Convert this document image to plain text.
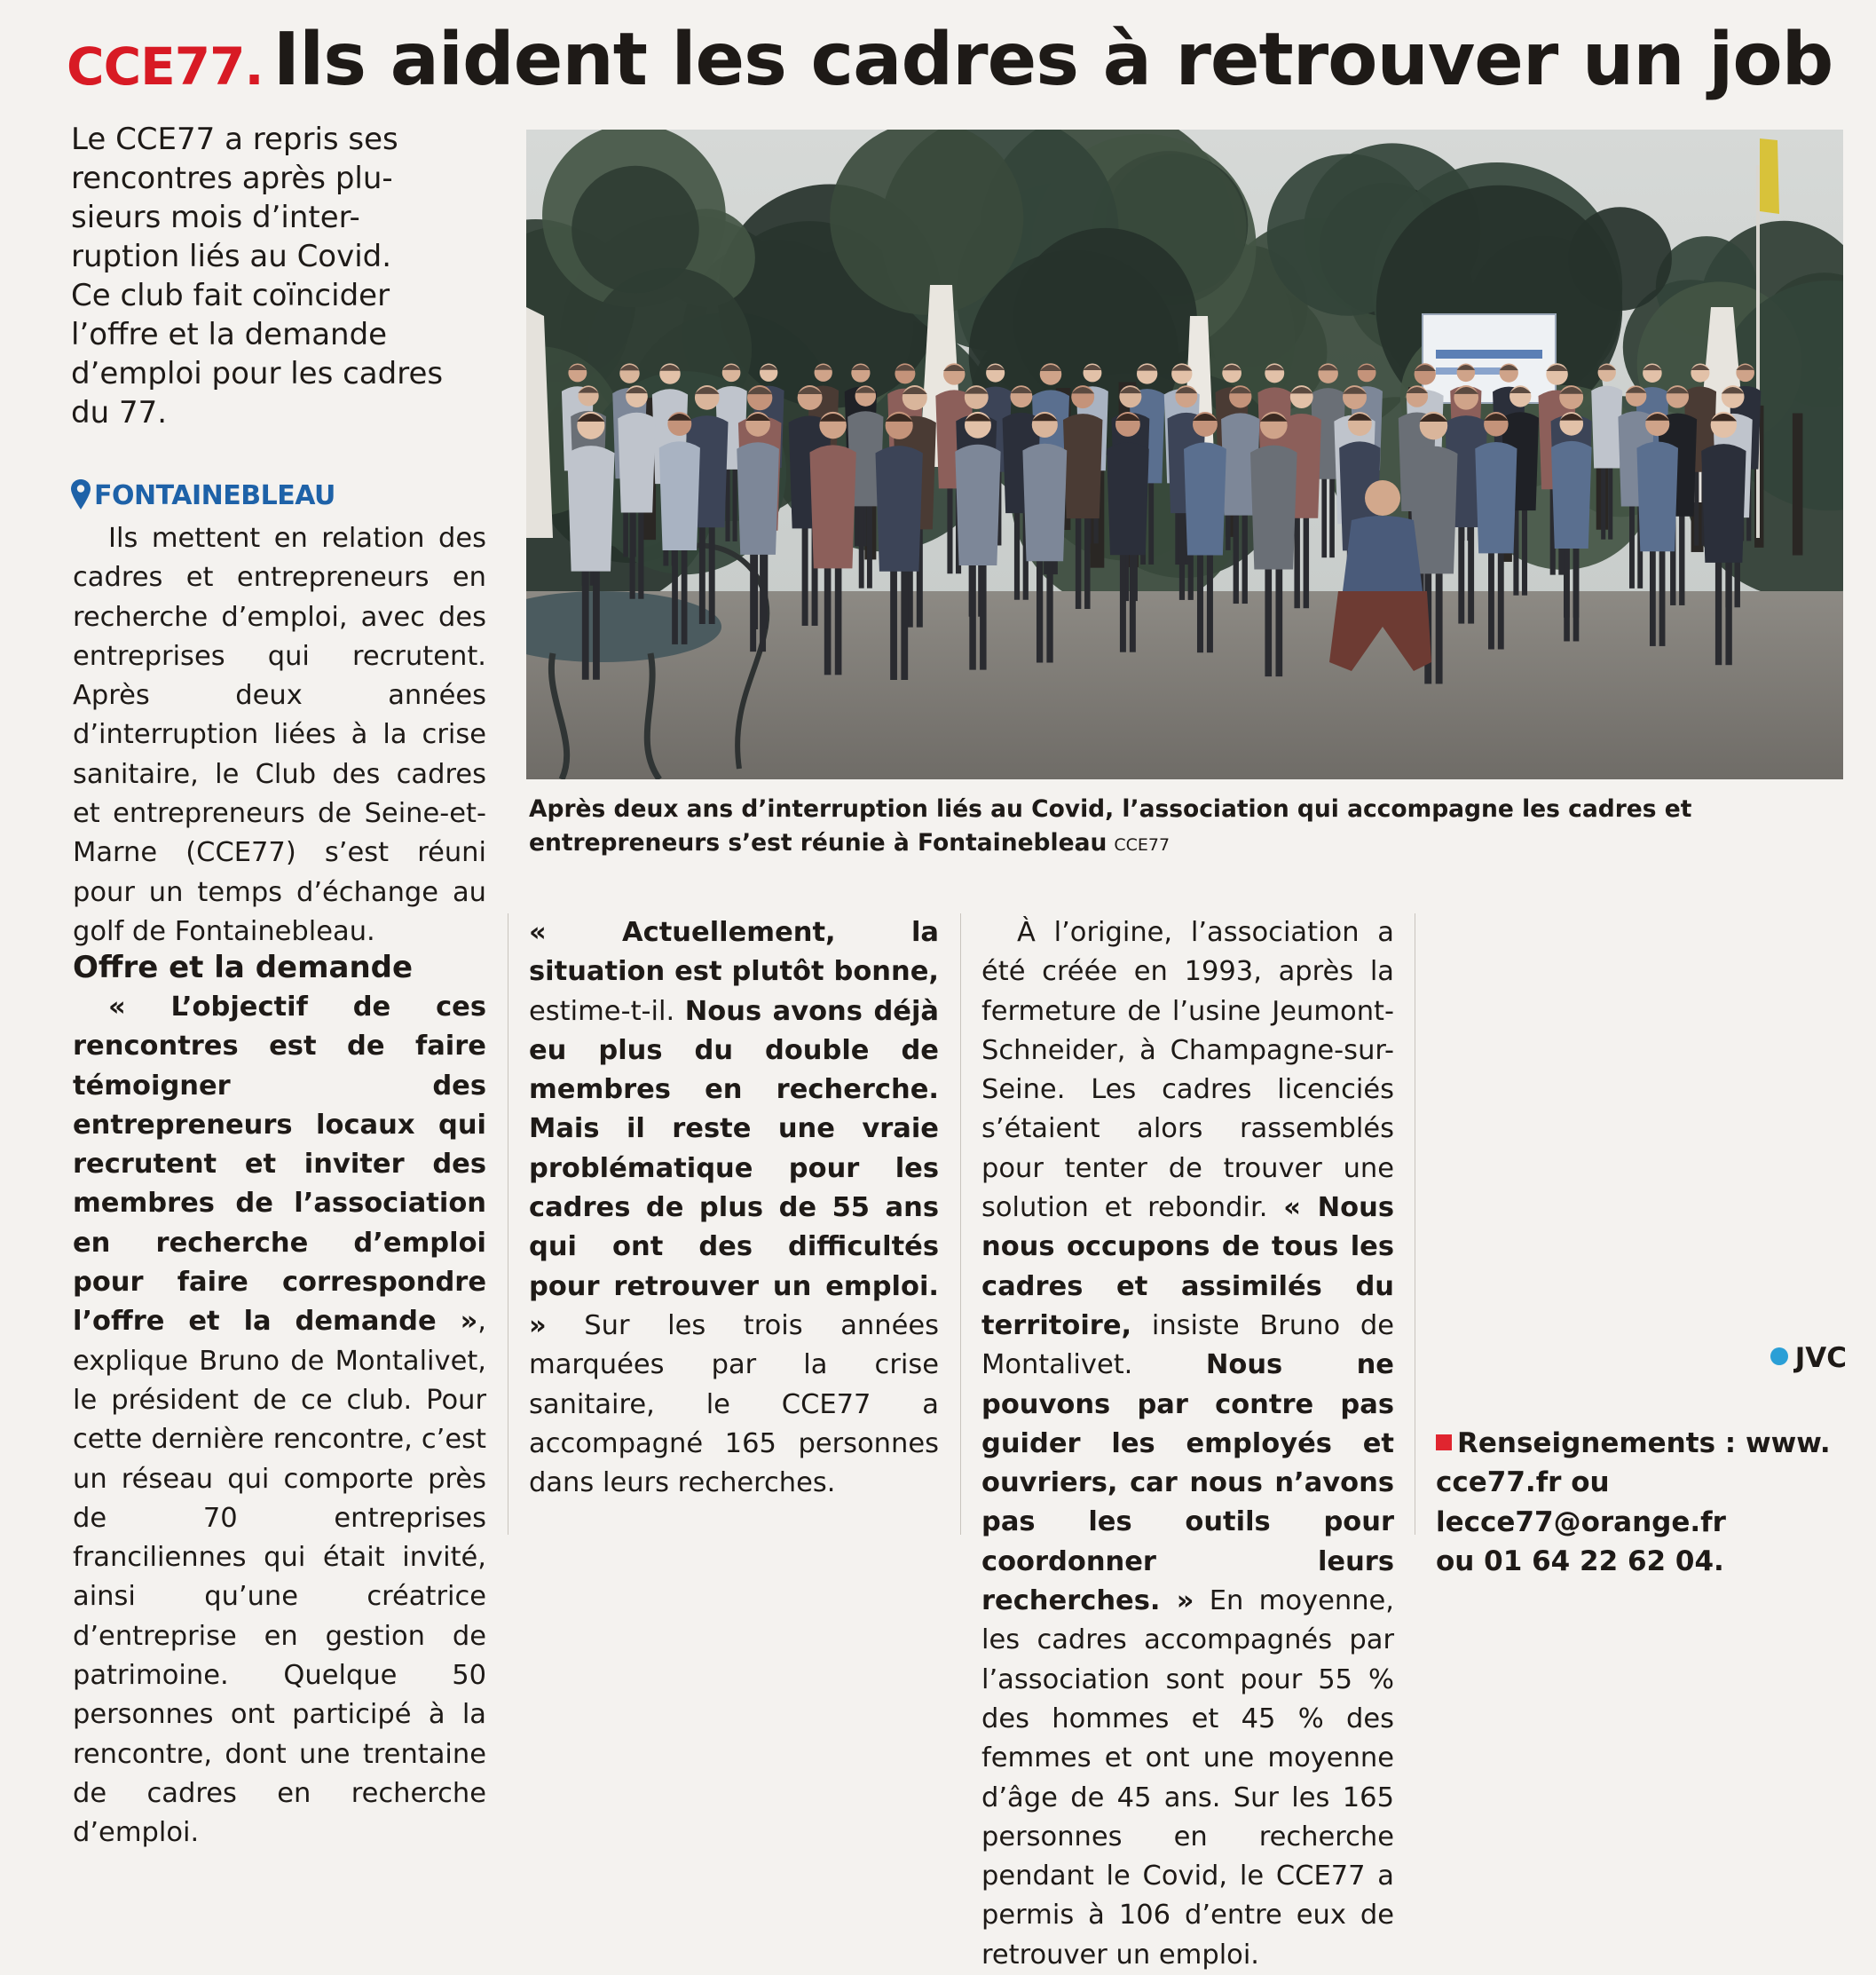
CCE77. Ils aident les cadres à retrouver un job

Le CCE77 a repris ses

rencontres après plu-

sieurs mois d’inter-

ruption liés au Covid.

Ce club fait coïncider

l’offre et la demande

d’emploi pour les cadres

du 77.

FONTAINEBLEAU

Ils mettent en relation des cadres et entrepreneurs en recherche d’emploi, avec des entreprises qui recrutent. Après deux années d’interruption liées à la crise sanitaire, le Club des cadres et entrepreneurs de Seine-et-Marne (CCE77) s’est réuni pour un temps d’échange au golf de Fontainebleau.

Offre et la demande

« L’objectif de ces rencontres est de faire témoigner des entrepreneurs locaux qui recrutent et inviter des membres de l’association en recherche d’emploi pour faire correspondre l’offre et la demande », explique Bruno de Montalivet, le président de ce club. Pour cette dernière rencontre, c’est un réseau qui comporte près de 70 entreprises franciliennes qui était invité, ainsi qu’une créatrice d’entreprise en gestion de patrimoine. Quelque 50 personnes ont participé à la rencontre, dont une trentaine de cadres en recherche d’emploi.

« Actuellement, la situation est plutôt bonne, estime-t-il. Nous avons déjà eu plus du double de membres en recherche. Mais il reste une vraie problématique pour les cadres de plus de 55 ans qui ont des difficultés pour retrouver un emploi. » Sur les trois années marquées par la crise sanitaire, le CCE77 a accompagné 165 personnes dans leurs recherches.

À l’origine, l’association a été créée en 1993, après la fermeture de l’usine Jeumont-Schneider, à Champagne-sur-Seine. Les cadres licenciés s’étaient alors rassemblés pour tenter de trouver une solution et rebondir. « Nous nous occupons de tous les cadres et assimilés du territoire, insiste Bruno de Montalivet. Nous ne pouvons par contre pas guider les employés et ouvriers, car nous n’avons pas les outils pour coordonner leurs recherches. » En moyenne, les cadres accompagnés par l’association sont pour 55 % des hommes et 45 % des femmes et ont une moyenne d’âge de 45 ans. Sur les 165 personnes en recherche pendant le Covid, le CCE77 a permis à 106 d’entre eux de retrouver un emploi.

JVC
Renseignements : www.
cce77.fr ou lecce77@orange.fr
ou 01 64 22 62 04.
Après deux ans d’interruption liés au Covid, l’association qui accompagne les cadres et entrepreneurs s’est réunie à Fontainebleau CCE77
